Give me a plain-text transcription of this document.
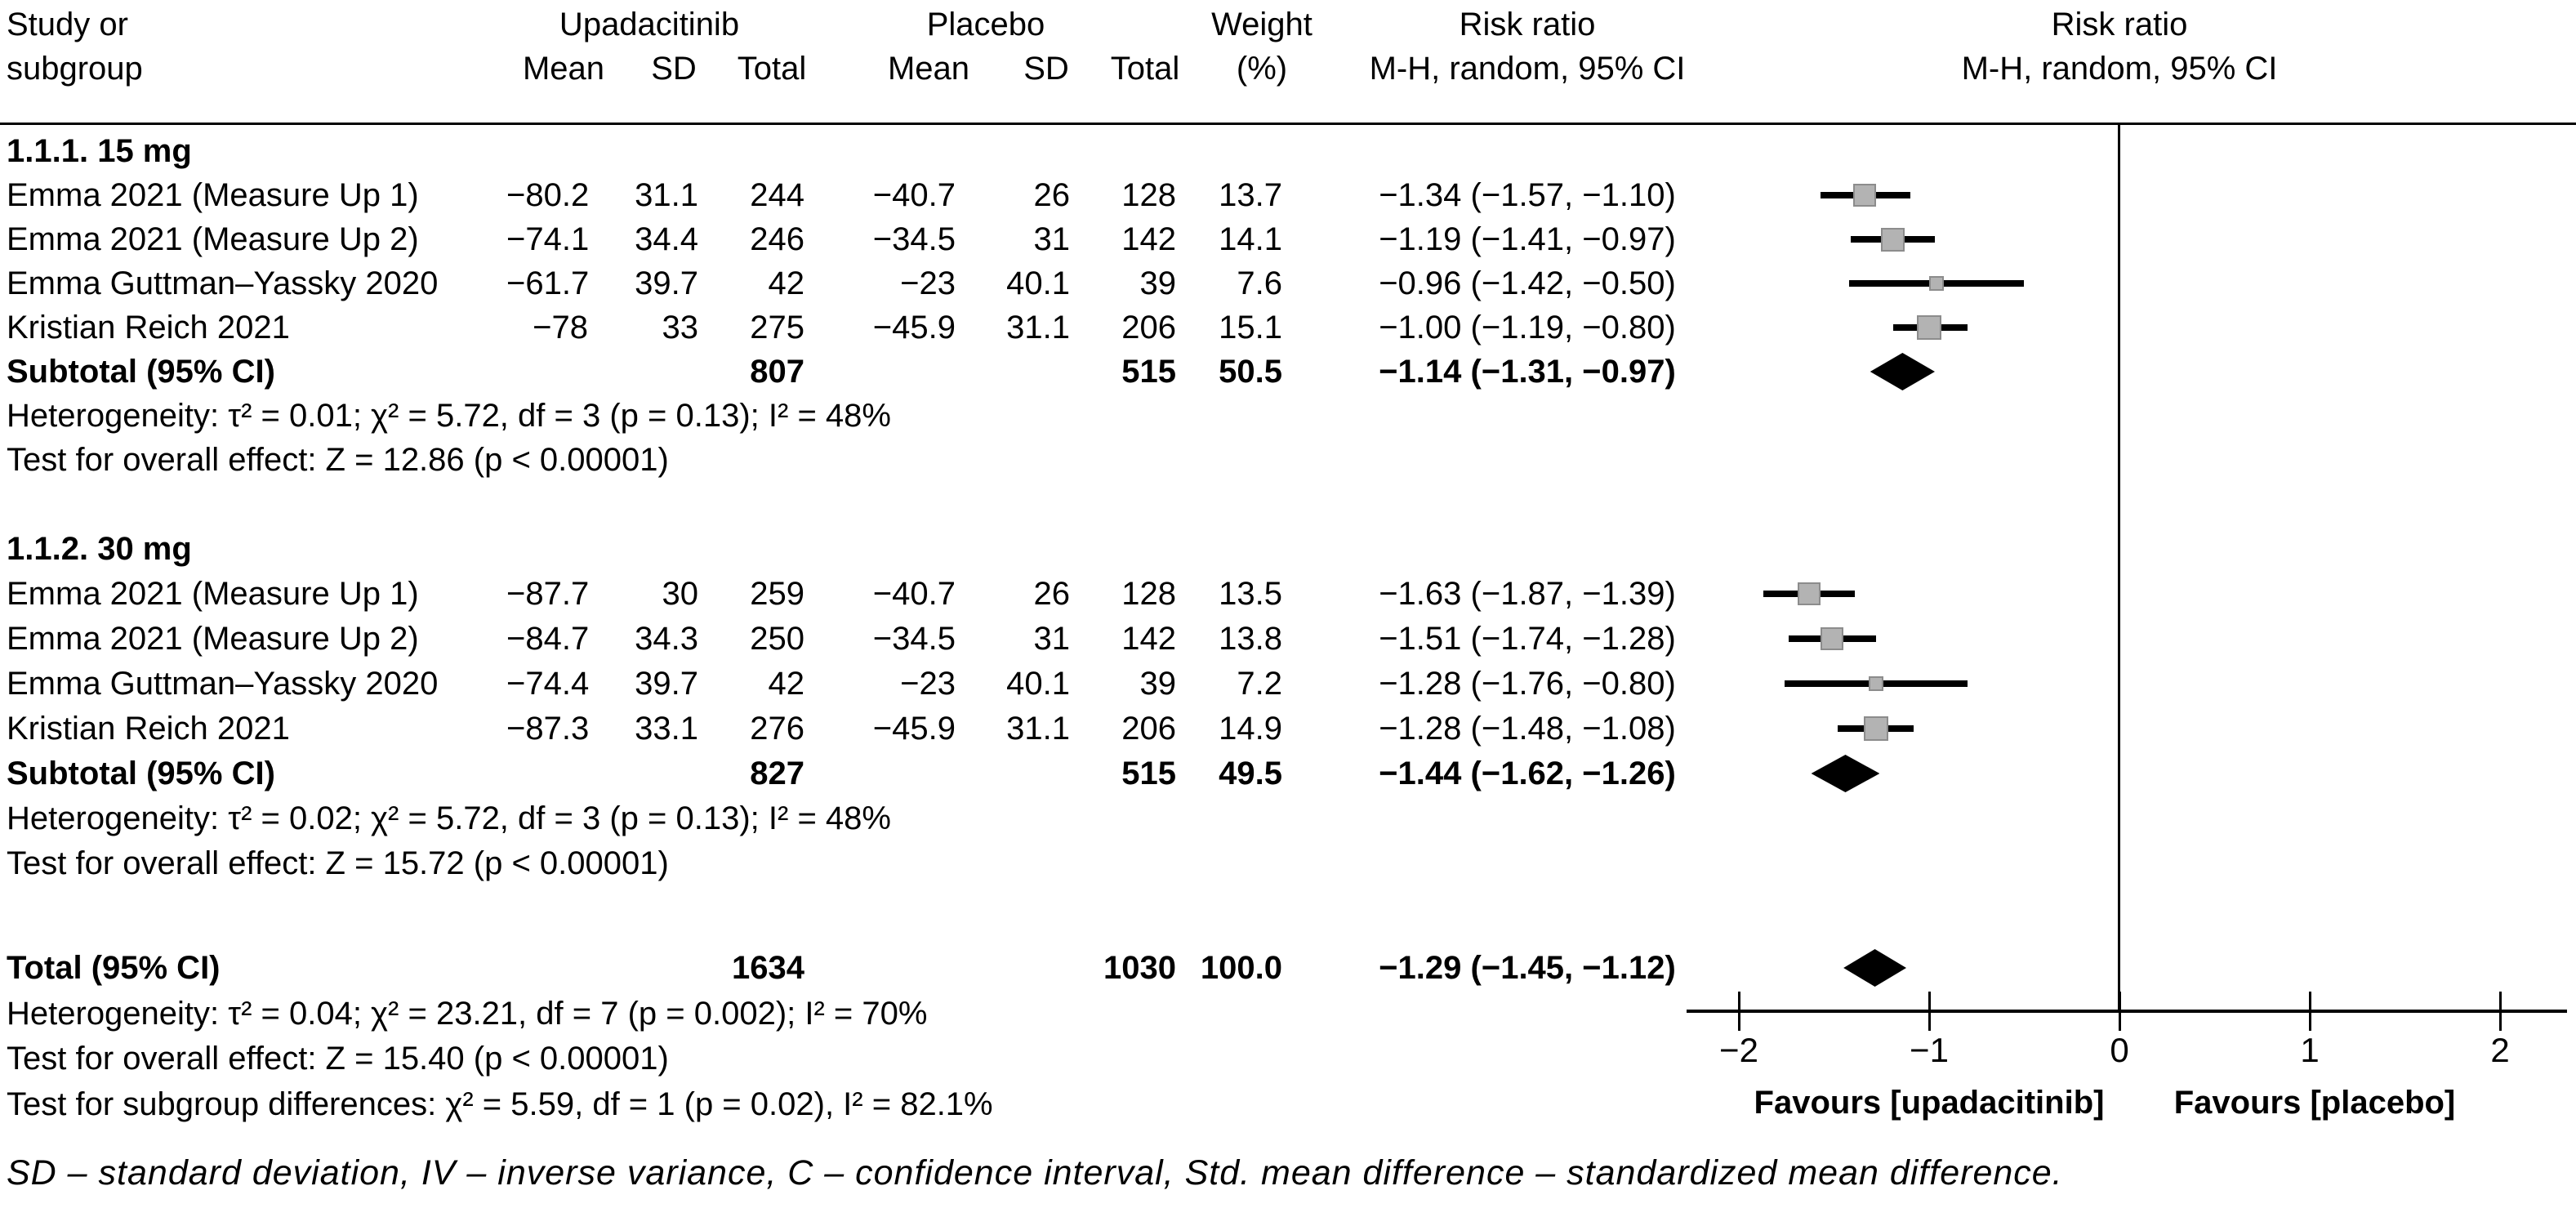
Study or	Upadacitinib	Placebo	Weight	Risk ratio	Risk ratio
subgroup	Mean SD Total Mean SD Total (%)	M-H, random, 95% CI	M-H, random, 95% CI
1.1.1. 15 mg
Emma 2021 (Measure Up 1)	−80.2	31.1	244	−40.7	26	128	13.7	−1.34 (−1.57, −1.10)
Emma 2021 (Measure Up 2)	−74.1	34.4	246	−34.5	31	142	14.1	−1.19 (−1.41, −0.97)
Emma Guttman–Yassky 2020	−61.7	39.7	42	−23	40.1	39	7.6	−0.96 (−1.42, −0.50)
Kristian Reich 2021	−78	33	275	−45.9	31.1	206	15.1	−1.00 (−1.19, −0.80)
Subtotal (95% CI)	807	515	50.5	−1.14 (−1.31, −0.97)
Heterogeneity: τ² = 0.01; χ² = 5.72, df = 3 (p = 0.13); I² = 48%
Test for overall effect: Z = 12.86 (p < 0.00001)
1.1.2. 30 mg
Emma 2021 (Measure Up 1)	−87.7	30	259	−40.7	26	128	13.5	−1.63 (−1.87, −1.39)
Emma 2021 (Measure Up 2)	−84.7	34.3	250	−34.5	31	142	13.8	−1.51 (−1.74, −1.28)
Emma Guttman–Yassky 2020	−74.4	39.7	42	−23	40.1	39	7.2	−1.28 (−1.76, −0.80)
Kristian Reich 2021	−87.3	33.1	276	−45.9	31.1	206	14.9	−1.28 (−1.48, −1.08)
Subtotal (95% CI)	827	515	49.5	−1.44 (−1.62, −1.26)
Heterogeneity: τ² = 0.02; χ² = 5.72, df = 3 (p = 0.13); I² = 48%
Test for overall effect: Z = 15.72 (p < 0.00001)
Total (95% CI)	1634	1030 100.0	−1.29 (−1.45, −1.12)
Heterogeneity: τ² = 0.04; χ² = 23.21, df = 7 (p = 0.002); I² = 70%
Test for overall effect: Z = 15.40 (p < 0.00001)
Test for subgroup differences: χ² = 5.59, df = 1 (p = 0.02), I² = 82.1%
−2	−1	0	1	2
Favours [upadacitinib] Favours [placebo]
SD – standard deviation, IV – inverse variance, C – confidence interval, Std. mean difference – standardized mean difference.
